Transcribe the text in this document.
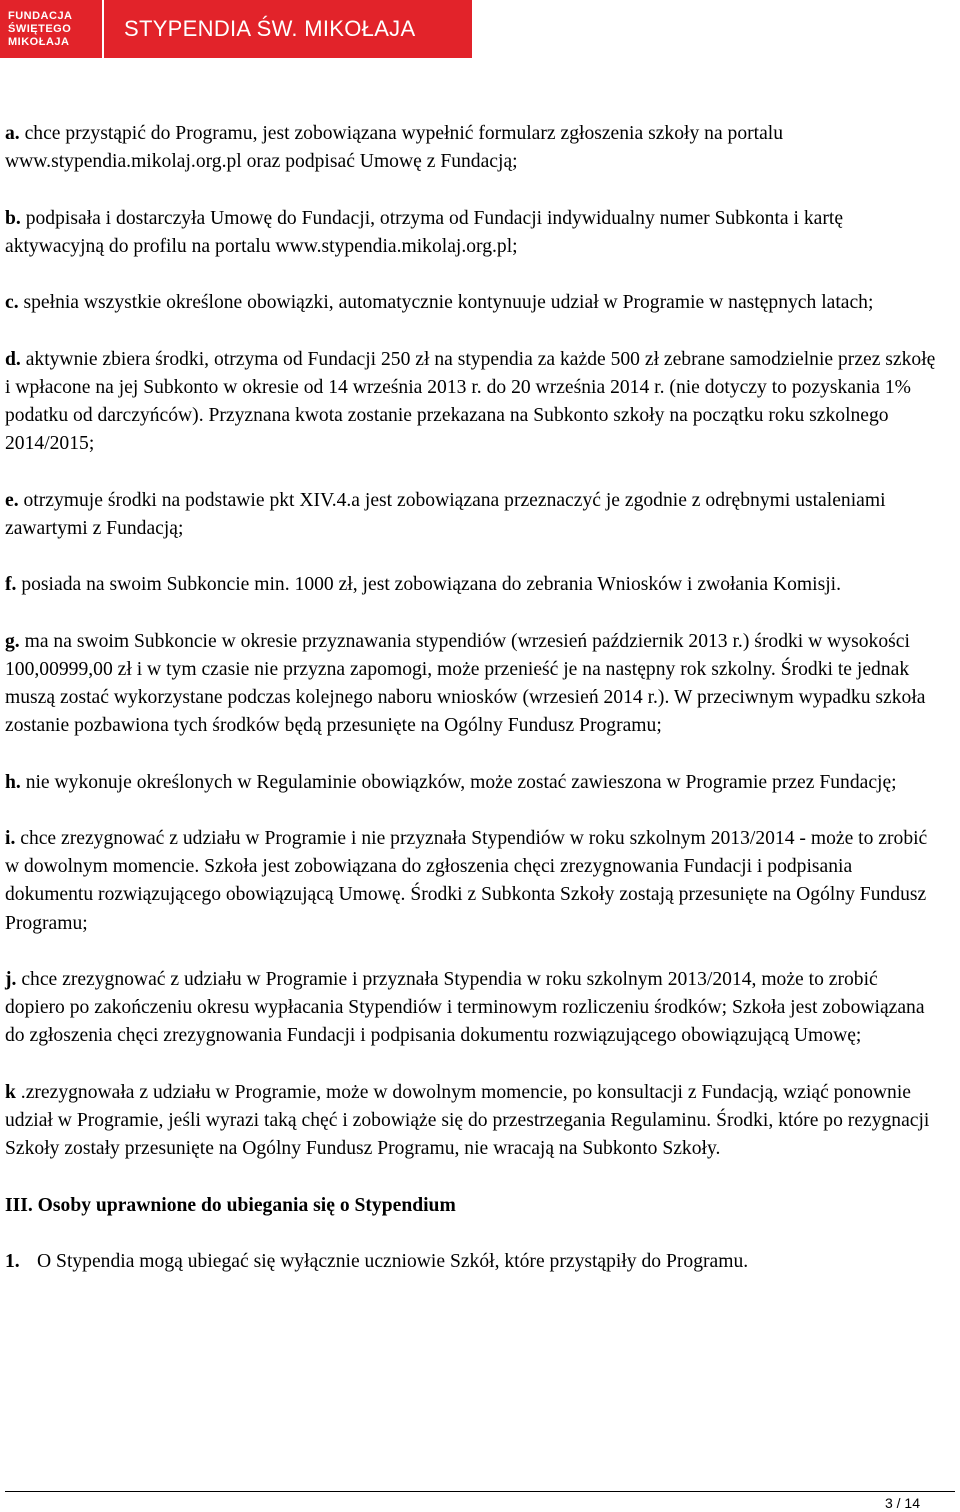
FUNDACJA
ŚWIĘTEGO
MIKOŁAJA
STYPENDIA ŚW. MIKOŁAJA

a. chce przystąpić do Programu, jest zobowiązana wypełnić formularz zgłoszenia szkoły na portalu www.stypendia.mikolaj.org.pl oraz podpisać Umowę z Fundacją;

b. podpisała i dostarczyła Umowę do Fundacji, otrzyma od Fundacji indywidualny numer Subkonta i kartę aktywacyjną do profilu na portalu www.stypendia.mikolaj.org.pl;

c. spełnia wszystkie określone obowiązki, automatycznie kontynuuje udział w Programie w następnych latach;

d. aktywnie zbiera środki, otrzyma od Fundacji 250 zł na stypendia za każde 500 zł zebrane samodzielnie przez szkołę i wpłacone na jej Subkonto w okresie od 14 września 2013 r. do 20 września 2014 r. (nie dotyczy to pozyskania 1% podatku od darczyńców). Przyznana kwota zostanie przekazana na Subkonto szkoły na początku roku szkolnego 2014/2015;

e. otrzymuje środki na podstawie pkt XIV.4.a jest zobowiązana przeznaczyć je zgodnie z odrębnymi ustaleniami zawartymi z Fundacją;

f. posiada na swoim Subkoncie min. 1000 zł, jest zobowiązana do zebrania Wniosków i zwołania Komisji.

g. ma na swoim Subkoncie w okresie przyznawania stypendiów (wrzesień październik 2013 r.) środki w wysokości 100,00999,00 zł i w tym czasie nie przyzna zapomogi, może przenieść je na następny rok szkolny. Środki te jednak muszą zostać wykorzystane podczas kolejnego naboru wniosków (wrzesień 2014 r.). W przeciwnym wypadku szkoła zostanie pozbawiona tych środków będą przesunięte na Ogólny Fundusz Programu;

h. nie wykonuje określonych w Regulaminie obowiązków, może zostać zawieszona w Programie przez Fundację;

i. chce zrezygnować z udziału w Programie i nie przyznała Stypendiów w roku szkolnym 2013/2014 - może to zrobić w dowolnym momencie. Szkoła jest zobowiązana do zgłoszenia chęci zrezygnowania Fundacji i podpisania dokumentu rozwiązującego obowiązującą Umowę. Środki z Subkonta Szkoły zostają przesunięte na Ogólny Fundusz Programu;

j. chce zrezygnować z udziału w Programie i przyznała Stypendia w roku szkolnym 2013/2014, może to zrobić dopiero po zakończeniu okresu wypłacania Stypendiów i terminowym rozliczeniu środków; Szkoła jest zobowiązana do zgłoszenia chęci zrezygnowania Fundacji i podpisania dokumentu rozwiązującego obowiązującą Umowę;

k .zrezygnowała z udziału w Programie, może w dowolnym momencie, po konsultacji z Fundacją, wziąć ponownie udział w Programie, jeśli wyrazi taką chęć i zobowiąże się do przestrzegania Regulaminu. Środki, które po rezygnacji Szkoły zostały przesunięte na Ogólny Fundusz Programu, nie wracają na Subkonto Szkoły.

III. Osoby uprawnione do ubiegania się o Stypendium

1. O Stypendia mogą ubiegać się wyłącznie uczniowie Szkół, które przystąpiły do Programu.
3 / 14
